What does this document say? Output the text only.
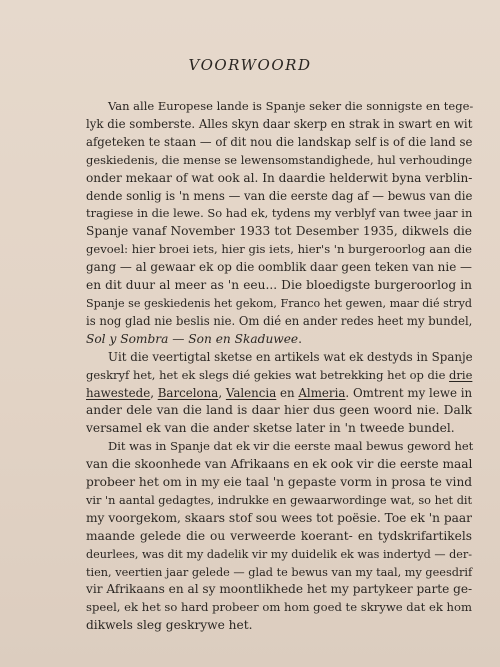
VOORWOORD

Van alle Europese lande is Spanje seker die sonnigste en tege-
lyk die somberste. Alles skyn daar skerp en strak in swart en wit
afgeteken te staan — of dit nou die landskap self is of die land se
geskiedenis, die mense se lewensomstandighede, hul verhoudinge
onder mekaar of wat ook al. In daardie helderwit byna verblin-
dende sonlig is 'n mens — van die eerste dag af — bewus van die
tragiese in die lewe. So had ek, tydens my verblyf van twee jaar in
Spanje vanaf November 1933 tot Desember 1935, dikwels die
gevoel: hier broei iets, hier gis iets, hier's 'n burgeroorlog aan die
gang — al gewaar ek op die oomblik daar geen teken van nie —
en dit duur al meer as 'n eeu... Die bloedigste burgeroorlog in
Spanje se geskiedenis het gekom, Franco het gewen, maar dié stryd
is nog glad nie beslis nie. Om dié en ander redes heet my bundel,
Sol y Sombra — Son en Skaduwee.

Uit die veertigtal sketse en artikels wat ek destyds in Spanje
geskryf het, het ek slegs dié gekies wat betrekking het op die drie
hawestede, Barcelona, Valencia en Almeria. Omtrent my lewe in
ander dele van die land is daar hier dus geen woord nie. Dalk
versamel ek van die ander sketse later in 'n tweede bundel.

Dit was in Spanje dat ek vir die eerste maal bewus geword het
van die skoonhede van Afrikaans en ek ook vir die eerste maal
probeer het om in my eie taal 'n gepaste vorm in prosa te vind
vir 'n aantal gedagtes, indrukke en gewaarwordinge wat, so het dit
my voorgekom, skaars stof sou wees tot poësie. Toe ek 'n paar
maande gelede die ou verweerde koerant- en tydskrifartikels
deurlees, was dit my dadelik vir my duidelik ek was indertyd — der-
tien, veertien jaar gelede — glad te bewus van my taal, my geesdrif
vir Afrikaans en al sy moontlikhede het my partykeer parte ge-
speel, ek het so hard probeer om hom goed te skrywe dat ek hom
dikwels sleg geskrywe het.
